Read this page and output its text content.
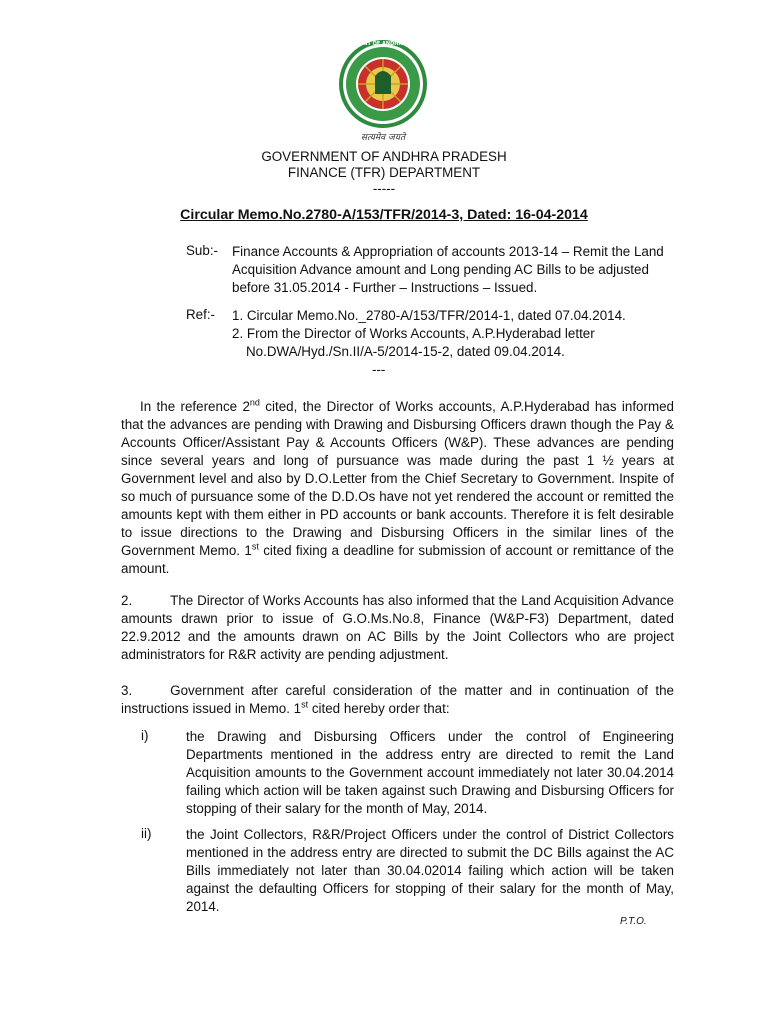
GOVERNMENT OF ANDHRA PRADESH
सत्यमेव जयते
GOVERNMENT OF ANDHRA PRADESH
FINANCE (TFR) DEPARTMENT
-----
Circular Memo.No.2780-A/153/TFR/2014-3, Dated: 16-04-2014
Sub:- Finance Accounts & Appropriation of accounts 2013-14 – Remit the Land Acquisition Advance amount and Long pending AC Bills to be adjusted before 31.05.2014 - Further – Instructions – Issued.
Ref:- 1. Circular Memo.No._2780-A/153/TFR/2014-1, dated 07.04.2014.
2. From the Director of Works Accounts, A.P.Hyderabad letter
No.DWA/Hyd./Sn.II/A-5/2014-15-2, dated 09.04.2014.
---
In the reference 2nd cited, the Director of Works accounts, A.P.Hyderabad has informed that the advances are pending with Drawing and Disbursing Officers drawn though the Pay & Accounts Officer/Assistant Pay & Accounts Officers (W&P). These advances are pending since several years and long of pursuance was made during the past 1 ½ years at Government level and also by D.O.Letter from the Chief Secretary to Government. Inspite of so much of pursuance some of the D.D.Os have not yet rendered the account or remitted the amounts kept with them either in PD accounts or bank accounts. Therefore it is felt desirable to issue directions to the Drawing and Disbursing Officers in the similar lines of the Government Memo. 1st cited fixing a deadline for submission of account or remittance of the amount.
2.	The Director of Works Accounts has also informed that the Land Acquisition Advance amounts drawn prior to issue of G.O.Ms.No.8, Finance (W&P-F3) Department, dated 22.9.2012 and the amounts drawn on AC Bills by the Joint Collectors who are project administrators for R&R activity are pending adjustment.
3.	Government after careful consideration of the matter and in continuation of the instructions issued in Memo. 1st cited hereby order that:
i)	the Drawing and Disbursing Officers under the control of Engineering Departments mentioned in the address entry are directed to remit the Land Acquisition amounts to the Government account immediately not later 30.04.2014 failing which action will be taken against such Drawing and Disbursing Officers for stopping of their salary for the month of May, 2014.
ii)	the Joint Collectors, R&R/Project Officers under the control of District Collectors mentioned in the address entry are directed to submit the DC Bills against the AC Bills immediately not later than 30.04.02014 failing which action will be taken against the defaulting Officers for stopping of their salary for the month of May, 2014.
P.T.O.
